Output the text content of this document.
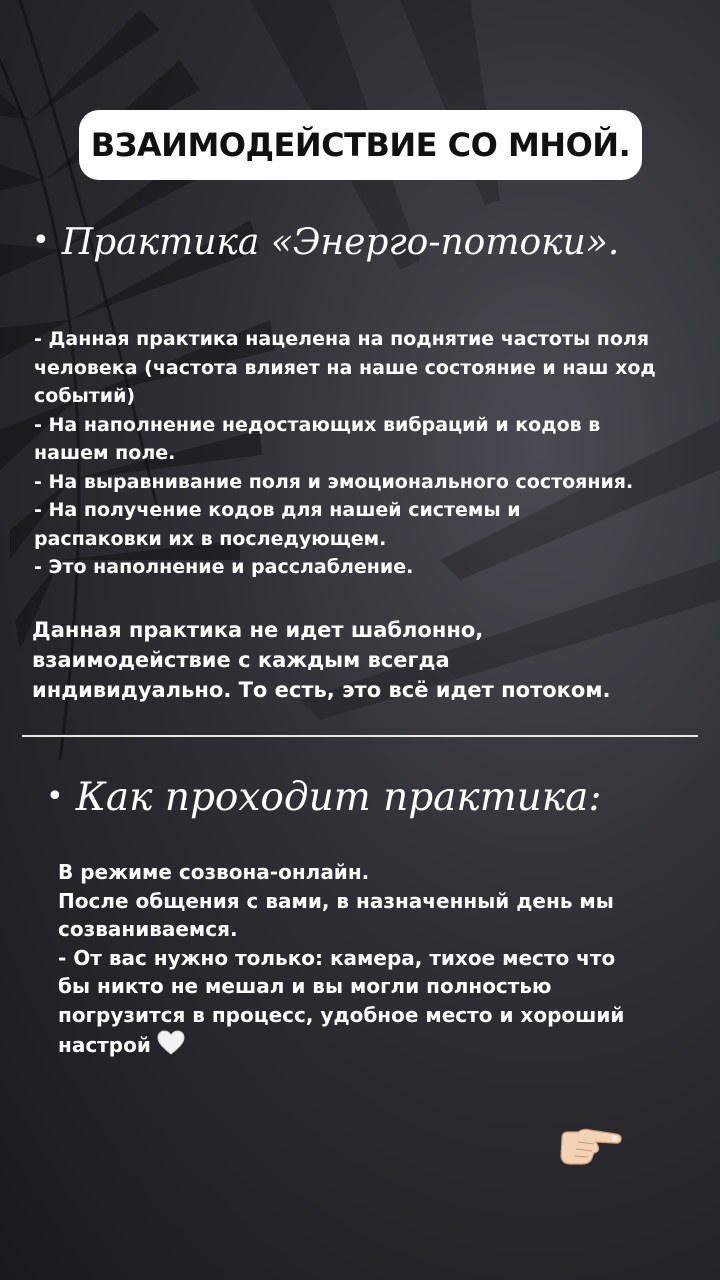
ВЗАИМОДЕЙСТВИЕ СО МНОЙ.
• Практика «Энерго-потоки».
- Данная практика нацелена на поднятие частоты поля
человека (частота влияет на наше состояние и наш ход
событий)
- На наполнение недостающих вибраций и кодов в
нашем поле.
- На выравнивание поля и эмоционального состояния.
- На получение кодов для нашей системы и
распаковки их в последующем.
- Это наполнение и расслабление.
Данная практика не идет шаблонно,
взаимодействие с каждым всегда
индивидуально. То есть, это всё идет потоком.
• Как проходит практика:
В режиме созвона-онлайн.
После общения с вами, в назначенный день мы
созваниваемся.
- От вас нужно только: камера, тихое место что
бы никто не мешал и вы могли полностью
погрузится в процесс, удобное место и хороший
настрой
